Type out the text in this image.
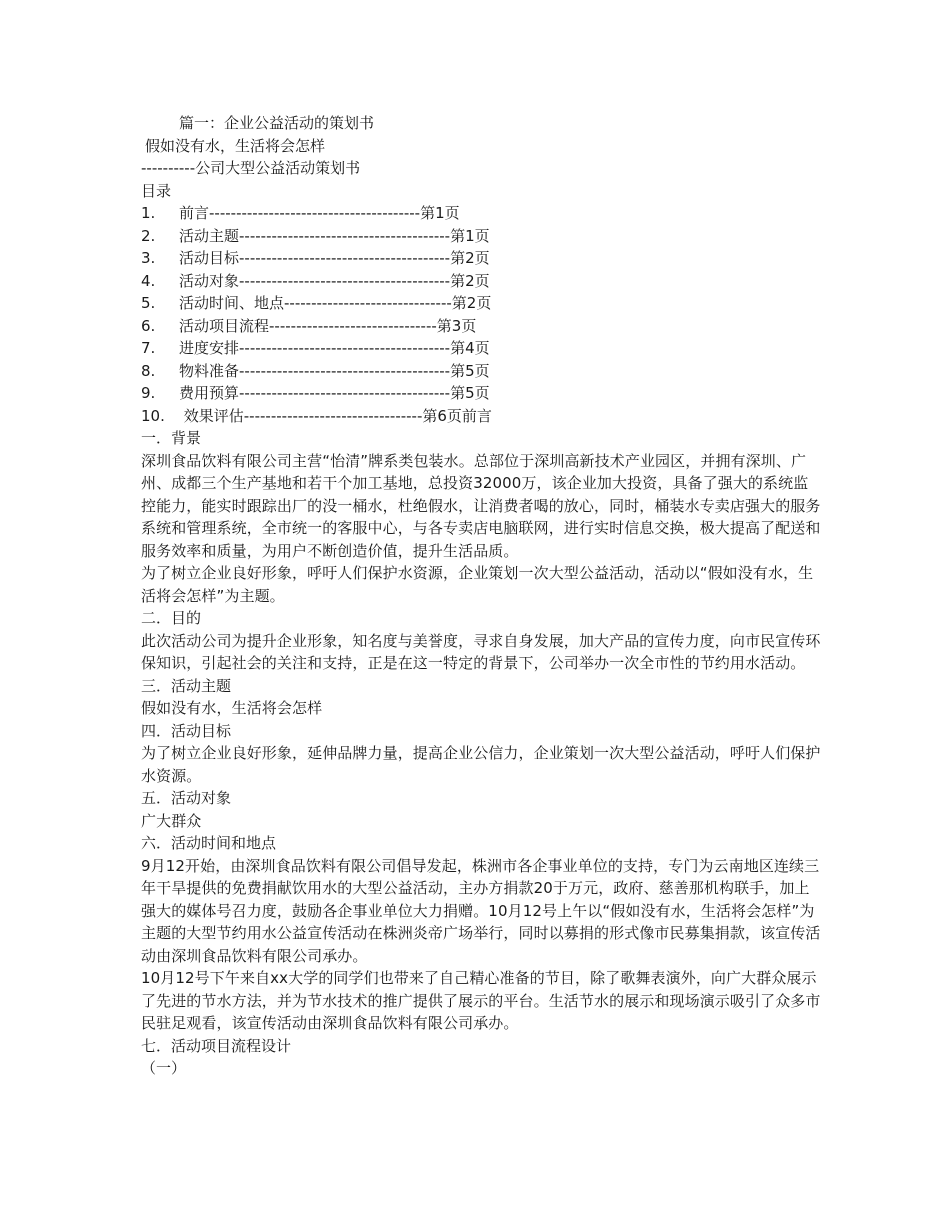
篇一：企业公益活动的策划书
假如没有水，生活将会怎样
----------公司大型公益活动策划书
目录
1. 前言---------------------------------------第1页
2. 活动主题---------------------------------------第1页
3. 活动目标---------------------------------------第2页
4. 活动对象---------------------------------------第2页
5. 活动时间、地点-------------------------------第2页
6. 活动项目流程-------------------------------第3页
7. 进度安排---------------------------------------第4页
8. 物料准备---------------------------------------第5页
9. 费用预算---------------------------------------第5页
10. 效果评估---------------------------------第6页前言
一．背景
深圳食品饮料有限公司主营“怡清”牌系类包装水。总部位于深圳高新技术产业园区，并拥有深圳、广州、成都三个生产基地和若干个加工基地，总投资32000万，该企业加大投资，具备了强大的系统监控能力，能实时跟踪出厂的没一桶水，杜绝假水，让消费者喝的放心，同时，桶装水专卖店强大的服务系统和管理系统，全市统一的客服中心，与各专卖店电脑联网，进行实时信息交换，极大提高了配送和服务效率和质量，为用户不断创造价值，提升生活品质。
为了树立企业良好形象，呼吁人们保护水资源，企业策划一次大型公益活动，活动以“假如没有水，生活将会怎样”为主题。
二．目的
此次活动公司为提升企业形象，知名度与美誉度，寻求自身发展，加大产品的宣传力度，向市民宣传环保知识，引起社会的关注和支持，正是在这一特定的背景下，公司举办一次全市性的节约用水活动。
三．活动主题
假如没有水，生活将会怎样
四．活动目标
为了树立企业良好形象，延伸品牌力量，提高企业公信力，企业策划一次大型公益活动，呼吁人们保护水资源。
五．活动对象
广大群众
六．活动时间和地点
9月12开始，由深圳食品饮料有限公司倡导发起，株洲市各企事业单位的支持，专门为云南地区连续三年干旱提供的免费捐献饮用水的大型公益活动，主办方捐款20于万元，政府、慈善那机构联手，加上强大的媒体号召力度，鼓励各企事业单位大力捐赠。10月12号上午以“假如没有水，生活将会怎样”为主题的大型节约用水公益宣传活动在株洲炎帝广场举行，同时以募捐的形式像市民募集捐款，该宣传活动由深圳食品饮料有限公司承办。
10月12号下午来自xx大学的同学们也带来了自己精心准备的节目，除了歌舞表演外，向广大群众展示了先进的节水方法，并为节水技术的推广提供了展示的平台。生活节水的展示和现场演示吸引了众多市民驻足观看，该宣传活动由深圳食品饮料有限公司承办。
七．活动项目流程设计
（一）
